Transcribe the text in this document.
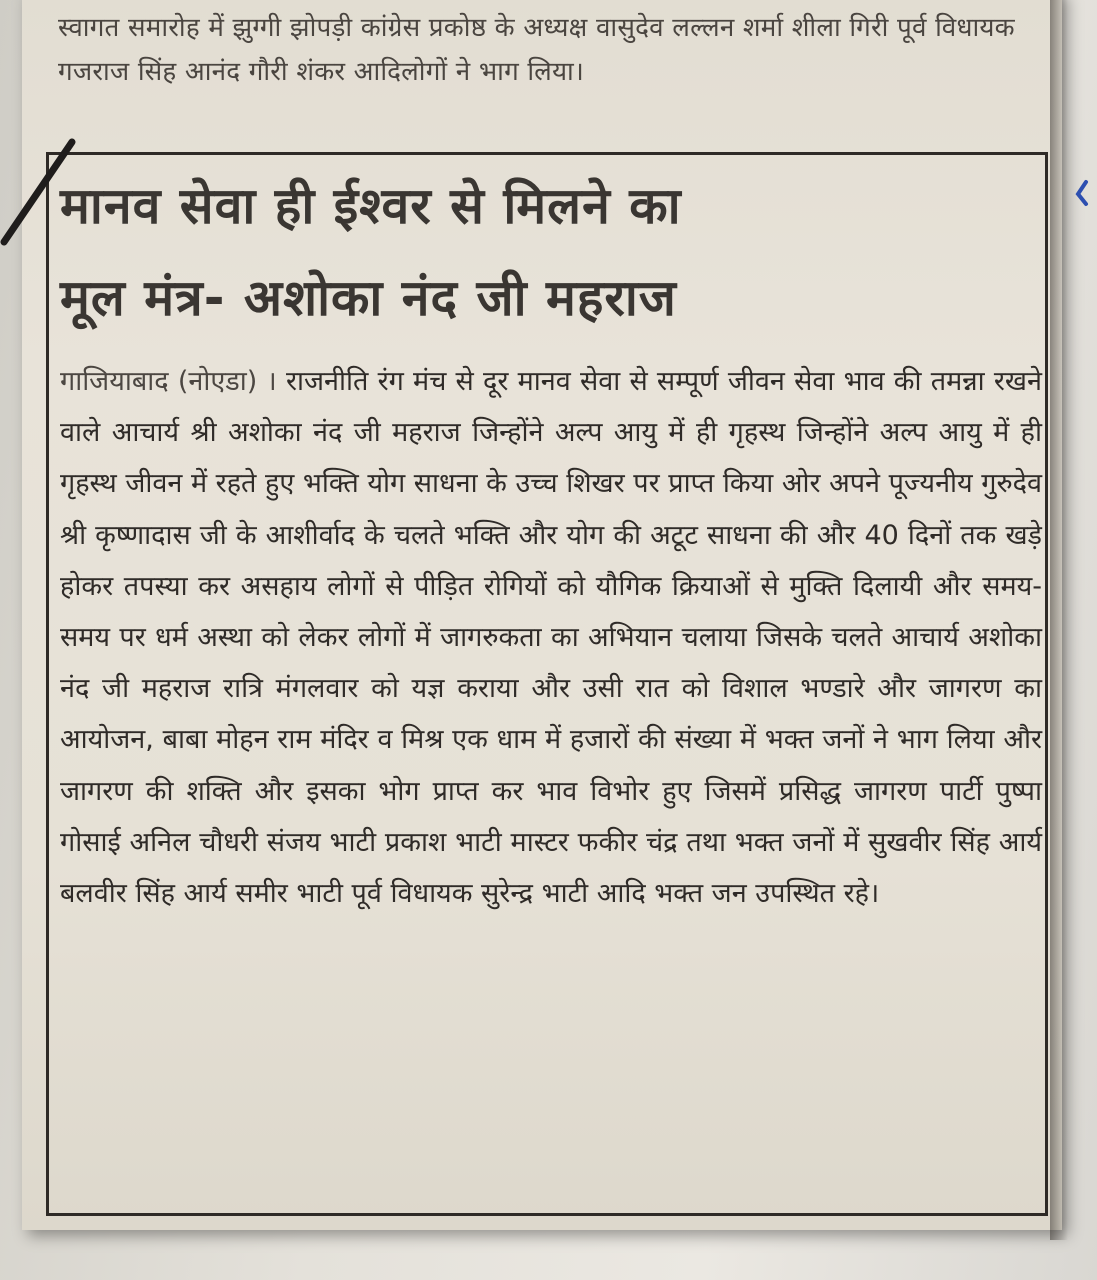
स्वागत समारोह में झुग्गी झोपड़ी कांग्रेस प्रकोष्ठ के अध्यक्ष वासुदेव लल्लन शर्मा शीला गिरी पूर्व विधायक गजराज सिंह आनंद गौरी शंकर आदिलोगों ने भाग लिया।
मानव सेवा ही ईश्वर से मिलने का
मूल मंत्र- अशोका नंद जी महराज
गाजियाबाद (नोएडा) । राजनीति रंग मंच से दूर मानव सेवा से सम्पूर्ण जीवन सेवा भाव की तमन्ना रखने वाले आचार्य श्री अशोका नंद जी महराज जिन्होंने अल्प आयु में ही गृहस्थ जिन्होंने अल्प आयु में ही गृहस्थ जीवन में रहते हुए भक्ति योग साधना के उच्च शिखर पर प्राप्त किया ओर अपने पूज्यनीय गुरुदेव श्री कृष्णादास जी के आशीर्वाद के चलते भक्ति और योग की अटूट साधना की और 40 दिनों तक खड़े होकर तपस्या कर असहाय लोगों से पीड़ित रोगियों को यौगिक क्रियाओं से मुक्ति दिलायी और समय- समय पर धर्म अस्था को लेकर लोगों में जागरुकता का अभियान चलाया जिसके चलते आचार्य अशोका नंद जी महराज रात्रि मंगलवार को यज्ञ कराया और उसी रात को विशाल भण्डारे और जागरण का आयोजन, बाबा मोहन राम मंदिर व मिश्र एक धाम में हजारों की संख्या में भक्त जनों ने भाग लिया और जागरण की शक्ति और इसका भोग प्राप्त कर भाव विभोर हुए जिसमें प्रसिद्ध जागरण पार्टी पुष्पा गोसाई अनिल चौधरी संजय भाटी प्रकाश भाटी मास्टर फकीर चंद्र तथा भक्त जनों में सुखवीर सिंह आर्य बलवीर सिंह आर्य समीर भाटी पूर्व विधायक सुरेन्द्र भाटी आदि भक्त जन उपस्थित रहे।
